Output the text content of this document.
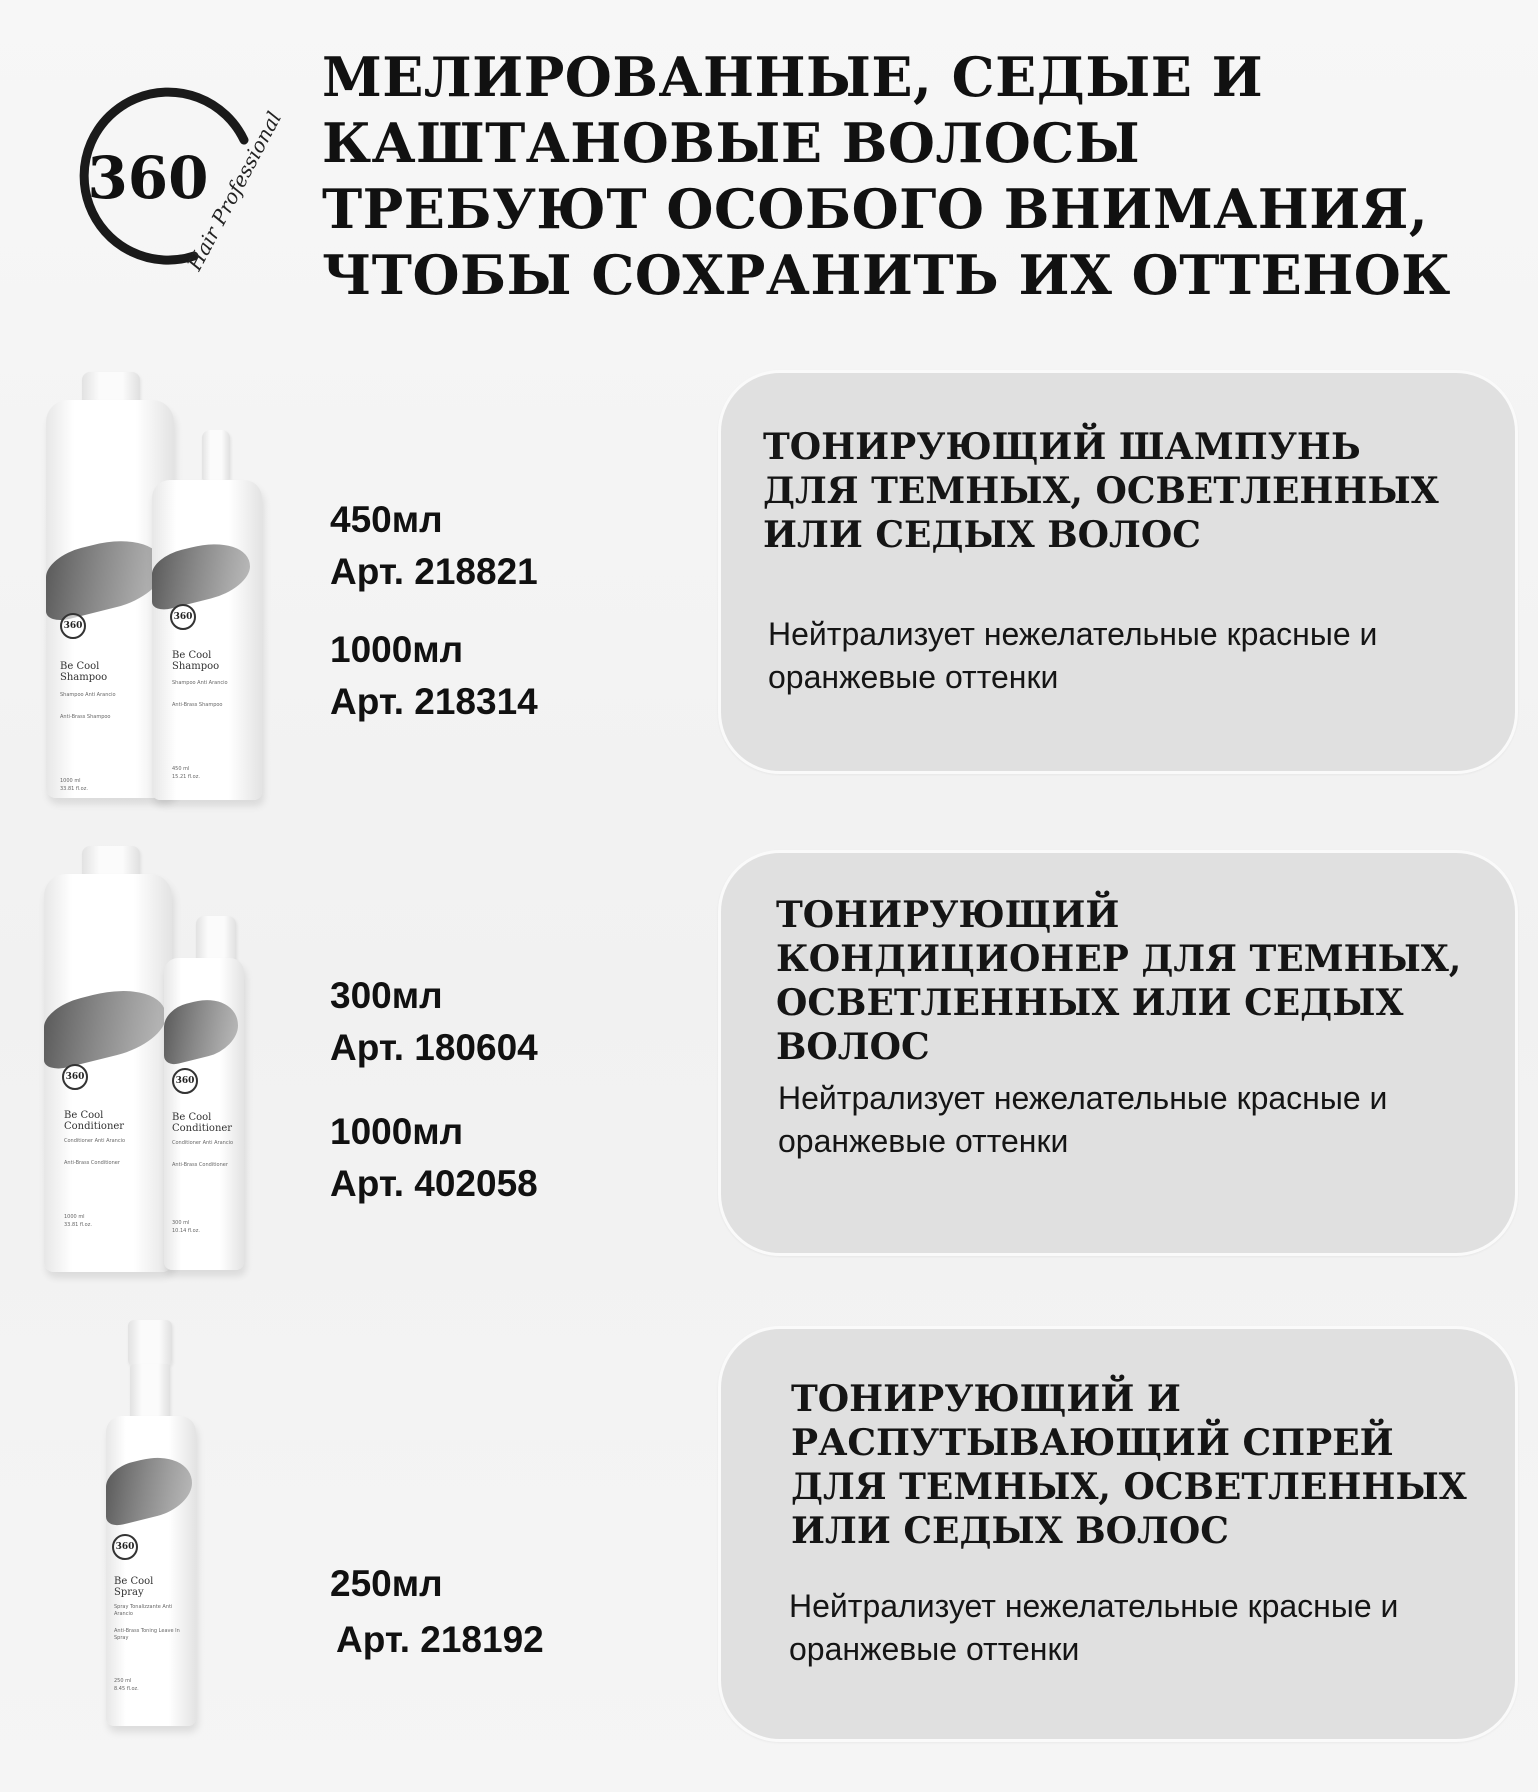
360
Hair Professional
МЕЛИРОВАННЫЕ, СЕДЫЕ И КАШТАНОВЫЕ ВОЛОСЫ ТРЕБУЮТ ОСОБОГО ВНИМАНИЯ, ЧТОБЫ СОХРАНИТЬ ИХ ОТТЕНОК
360
Be Cool Shampoo
Shampoo Anti Arancio
Anti-Brass Shampoo
1000 ml
33.81 fl.oz.
360
Be Cool Shampoo
Shampoo Anti Arancio
Anti-Brass Shampoo
450 ml
15.21 fl.oz.
450мл
Арт. 218821
1000мл
Арт. 218314
ТОНИРУЮЩИЙ ШАМПУНЬ ДЛЯ ТЕМНЫХ, ОСВЕТЛЕННЫХ ИЛИ СЕДЫХ ВОЛОС

Нейтрализует нежелательные красные и оранжевые оттенки

360
Be Cool Conditioner
Conditioner Anti Arancio
Anti-Brass Conditioner
1000 ml
33.81 fl.oz.
360
Be Cool Conditioner
Conditioner Anti Arancio
Anti-Brass Conditioner
300 ml
10.14 fl.oz.
300мл
Арт. 180604
1000мл
Арт. 402058
ТОНИРУЮЩИЙ КОНДИЦИОНЕР ДЛЯ ТЕМНЫХ, ОСВЕТЛЕННЫХ ИЛИ СЕДЫХ ВОЛОС

Нейтрализует нежелательные красные и оранжевые оттенки

360
Be Cool Spray
Spray Tonalizzante Anti Arancio
Anti-Brass Toning Leave In Spray
250 ml
8.45 fl.oz.
250мл
Арт. 218192
ТОНИРУЮЩИЙ И РАСПУТЫВАЮЩИЙ СПРЕЙ ДЛЯ ТЕМНЫХ, ОСВЕТЛЕННЫХ ИЛИ СЕДЫХ ВОЛОС

Нейтрализует нежелательные красные и оранжевые оттенки
